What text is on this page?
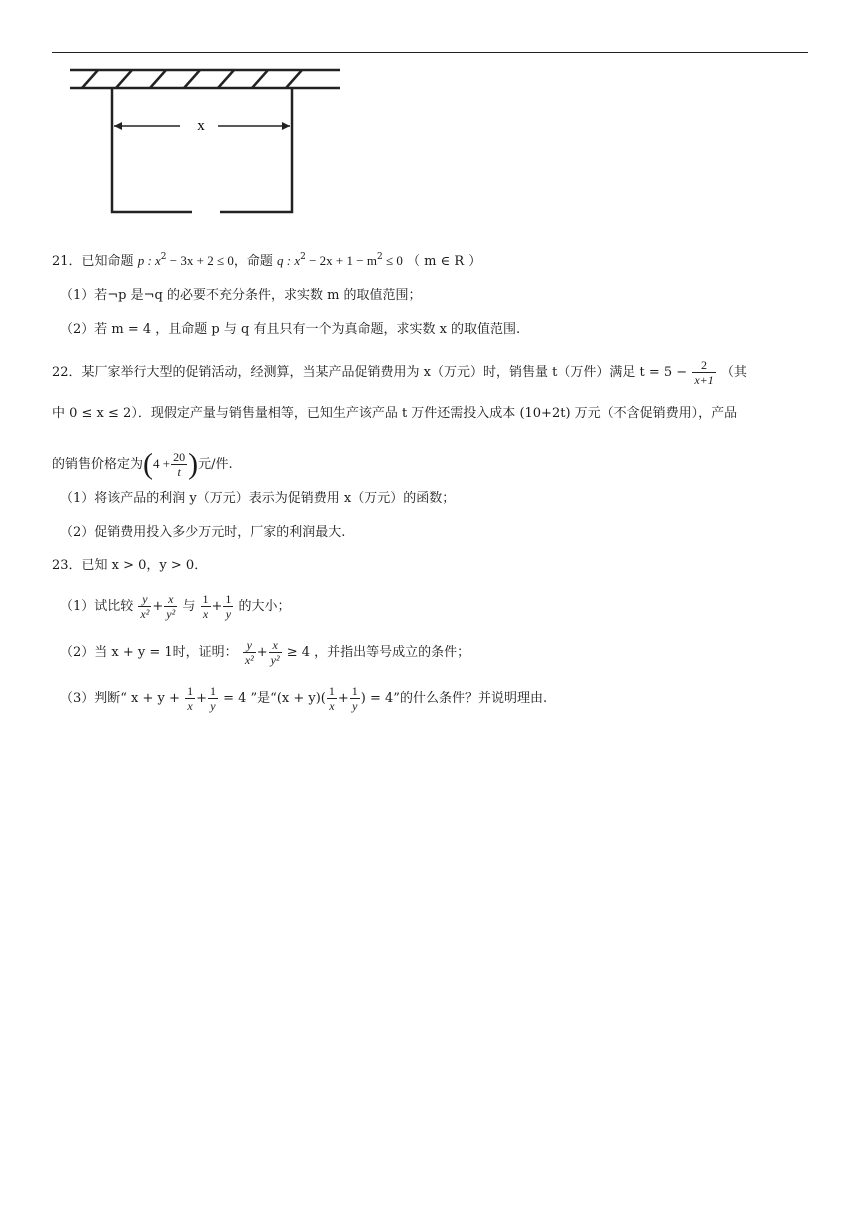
x
21．已知命题 p : $x^2 - 3x + 2 \le 0$，命题 q : $x^2 - 2x + 1 - m^2 \le 0$ （ m ∈ R ）
（1）若¬p 是¬q 的必要不充分条件，求实数 m 的取值范围；
（2）若 m = 4 ，且命题 p 与 q 有且只有一个为真命题，求实数 x 的取值范围.
22．某厂家举行大型的促销活动，经测算，当某产品促销费用为 x（万元）时，销售量 t（万件）满足 $t = 5 - \frac{2}{x+1}$ （其
中 0 ≤ x ≤ 2）．现假定产量与销售量相等，已知生产该产品 t 万件还需投入成本 (10+2t) 万元（不含促销费用），产品
的销售价格定为($4 + \frac{20}{t}$ )元/件.
（1）将该产品的利润 y（万元）表示为促销费用 x（万元）的函数；
（2）促销费用投入多少万元时，厂家的利润最大.
23．已知 x > 0，y > 0．
（1）试比较 $\frac{y}{\text{x²}} + \frac{x}{\text{y²}}$ 与 $\frac{1}{x} + \frac{1}{y}$ 的大小；
（2）当 x + y = 1时，证明： $\frac{y}{\text{x²}} + \frac{x}{\text{y²}} \ge 4$ ，并指出等号成立的条件；
（3）判断“ $x + y + \frac{1}{x} + \frac{1}{y} = 4$ ”是“$(x + y)( \frac{1}{x} + \frac{1}{y}$ ) = 4”的什么条件？并说明理由.
